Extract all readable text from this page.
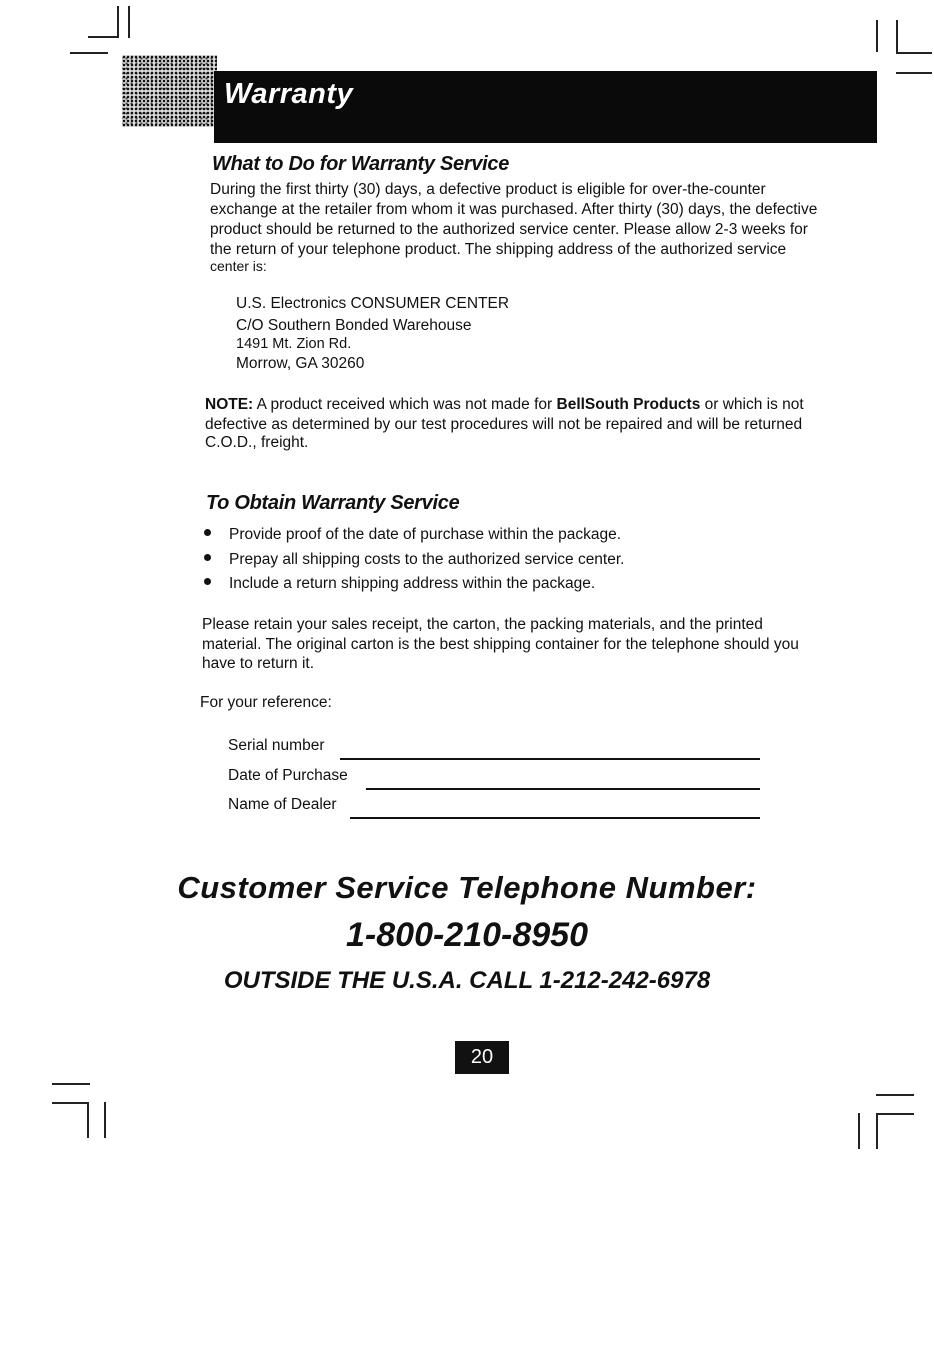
Warranty
What to Do for Warranty Service
During the first thirty (30) days, a defective product is eligible for over-the-counter
exchange at the retailer from whom it was purchased. After thirty (30) days, the defective
product should be returned to the authorized service center. Please allow 2-3 weeks for
the return of your telephone product. The shipping address of the authorized service
center is:
U.S. Electronics CONSUMER CENTER
C/O Southern Bonded Warehouse
1491 Mt. Zion Rd.
Morrow, GA 30260
NOTE: A product received which was not made for BellSouth Products or which is not
defective as determined by our test procedures will not be repaired and will be returned
C.O.D., freight.
To Obtain Warranty Service
Provide proof of the date of purchase within the package.
Prepay all shipping costs to the authorized service center.
Include a return shipping address within the package.
Please retain your sales receipt, the carton, the packing materials, and the printed
material. The original carton is the best shipping container for the telephone should you
have to return it.
For your reference:
Serial number
Date of Purchase
Name of Dealer
Customer Service Telephone Number:
1-800-210-8950
OUTSIDE THE U.S.A. CALL 1-212-242-6978
20
